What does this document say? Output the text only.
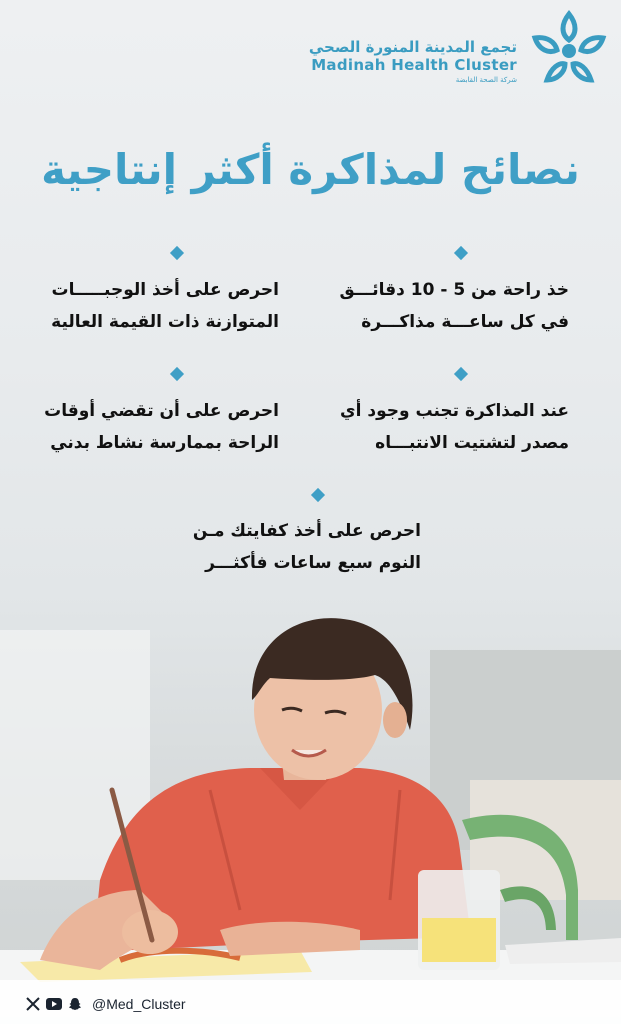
تجمع المدينة المنورة الصحي
Madinah Health Cluster
شركة الصحة القابضة
نصائح لمذاكرة أكثر إنتاجية
خذ راحة من 5 - 10 دقائـــق
في كل ساعـــة مذاكـــرة
احرص على أخذ الوجبـــــات
المتوازنة ذات القيمة العالية
عند المذاكرة تجنب وجود أي
مصدر لتشتيت الانتبـــاه
احرص على أن تقضي أوقات
الراحة بممارسة نشاط بدني
احرص على أخذ كفايتك مـن
النوم سبع ساعات فأكثـــر
@Med_Cluster
